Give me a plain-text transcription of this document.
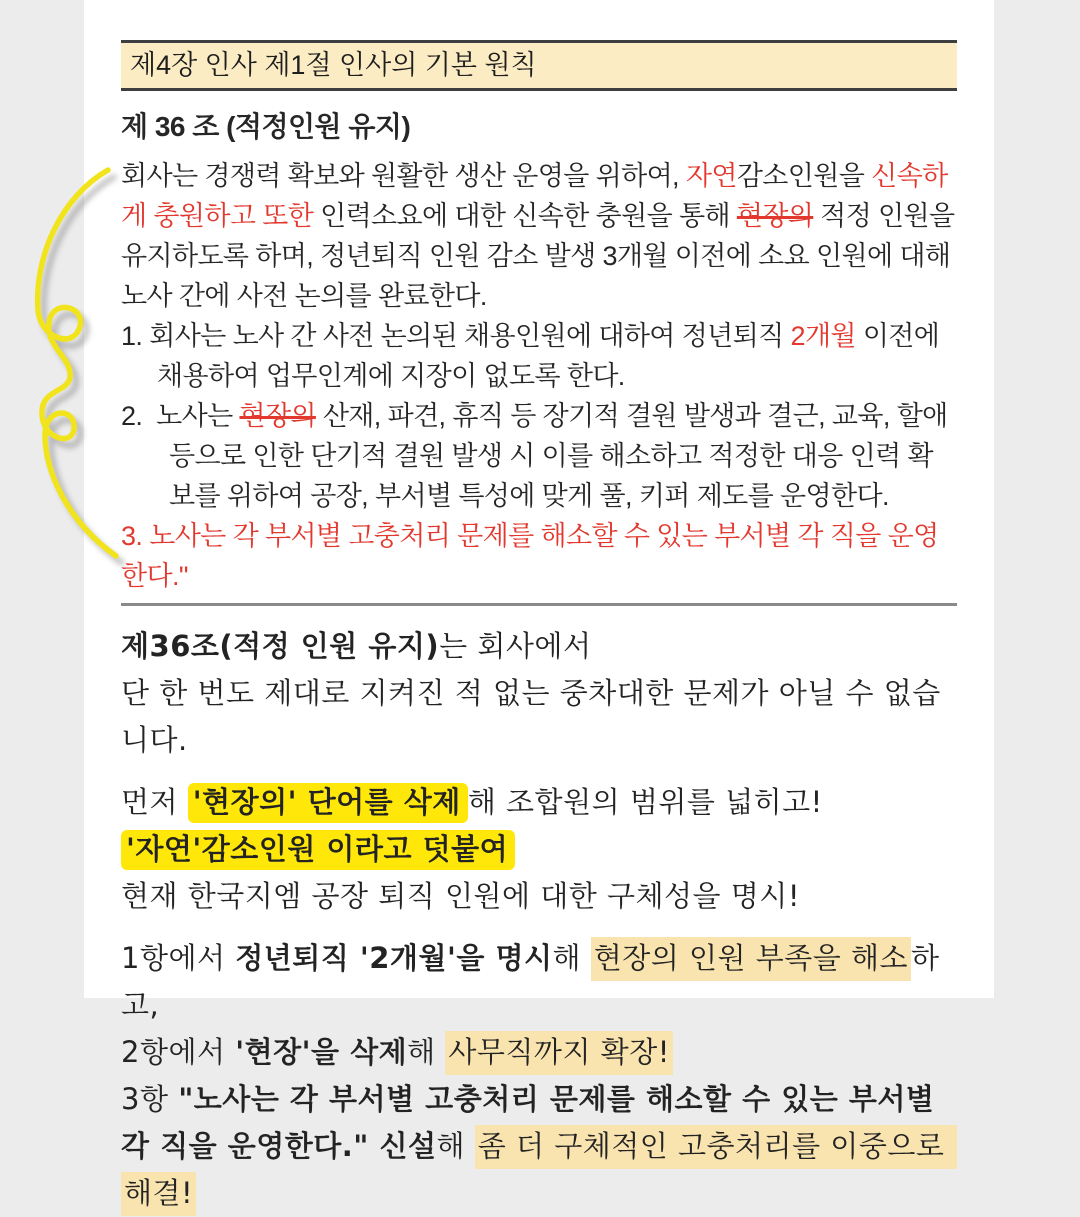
제4장 인사 제1절 인사의 기본 원칙
제 36 조 (적정인원 유지)

회사는 경쟁력 확보와 원활한 생산 운영을 위하여, 자연감소인원을 신속하게 충원하고 또한 인력소요에 대한 신속한 충원을 통해 현장의 적정 인원을 유지하도록 하며, 정년퇴직 인원 감소 발생 3개월 이전에 소요 인원에 대해 노사 간에 사전 논의를 완료한다.

1. 회사는 노사 간 사전 논의된 채용인원에 대하여 정년퇴직 2개월 이전에 채용하여 업무인계에 지장이 없도록 한다.

2.  노사는 현장의 산재, 파견, 휴직 등 장기적 결원 발생과 결근, 교육, 할애 등으로 인한 단기적 결원 발생 시 이를 해소하고 적정한 대응 인력 확보를 위하여 공장, 부서별 특성에 맞게 풀, 키퍼 제도를 운영한다.

3. 노사는 각 부서별 고충처리 문제를 해소할 수 있는 부서별 각 직을 운영한다."

제36조(적정 인원 유지)는 회사에서

단 한 번도 제대로 지켜진 적 없는 중차대한 문제가 아닐 수 없습니다.

먼저 '현장의' 단어를 삭제 해 조합원의 범위를 넓히고!

'자연'감소인원 이라고 덧붙여

현재 한국지엠 공장 퇴직 인원에 대한 구체성을 명시!

1항에서 정년퇴직 '2개월'을 명시해 현장의 인원 부족을 해소 하고,

2항에서 '현장'을 삭제해 사무직까지 확장!

3항 "노사는 각 부서별 고충처리 문제를 해소할 수 있는 부서별 각 직을 운영한다." 신설해 좀 더 구체적인 고충처리를 이중으로 해결!
